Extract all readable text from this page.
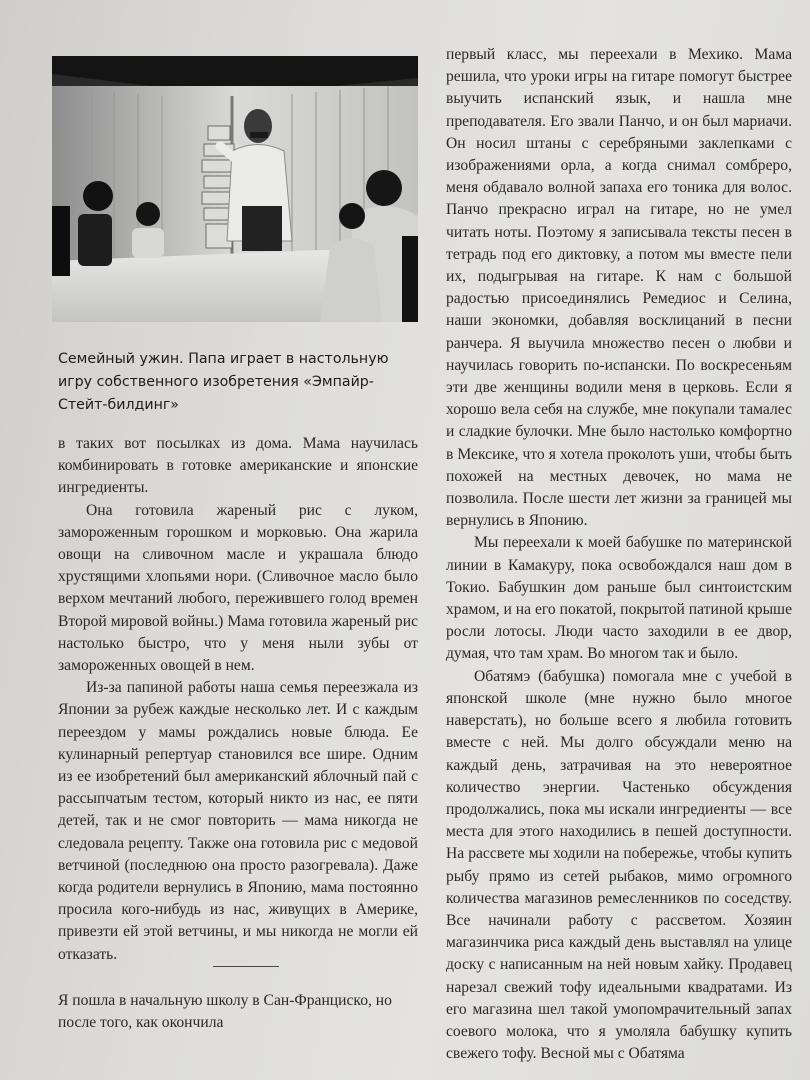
Семейный ужин. Папа играет в настольную игру собственного изобретения «Эмпайр-Стейт-билдинг»

в таких вот посылках из дома. Мама научилась комбинировать в готовке американские и японские ингредиенты.

Она готовила жареный рис с луком, замороженным горошком и морковью. Она жарила овощи на сливочном масле и украшала блюдо хрустящими хлопьями нори. (Сливочное масло было верхом мечтаний любого, пережившего голод времен Второй мировой войны.) Мама готовила жареный рис настолько быстро, что у меня ныли зубы от замороженных овощей в нем.

Из-за папиной работы наша семья переезжала из Японии за рубеж каждые несколько лет. И с каждым переездом у мамы рождались новые блюда. Ее кулинарный репертуар становился все шире. Одним из ее изобретений был американский яблочный пай с рассыпчатым тестом, который никто из нас, ее пяти детей, так и не смог повторить — мама никогда не следовала рецепту. Также она готовила рис с медовой ветчиной (последнюю она просто разогревала). Даже когда родители вернулись в Японию, мама постоянно просила кого-нибудь из нас, живущих в Америке, привезти ей этой ветчины, и мы никогда не могли ей отказать.

Я пошла в начальную школу в Сан-Франциско, но после того, как окончила

первый класс, мы переехали в Мехико. Мама решила, что уроки игры на гитаре помогут быстрее выучить испанский язык, и нашла мне преподавателя. Его звали Панчо, и он был мариачи. Он носил штаны с серебряными заклепками с изображениями орла, а когда снимал сомбреро, меня обдавало волной запаха его тоника для волос. Панчо прекрасно играл на гитаре, но не умел читать ноты. Поэтому я записывала тексты песен в тетрадь под его диктовку, а потом мы вместе пели их, подыгрывая на гитаре. К нам с большой радостью присоединялись Ремедиос и Селина, наши экономки, добавляя восклицаний в песни ранчера. Я выучила множество песен о любви и научилась говорить по-испански. По воскресеньям эти две женщины водили меня в церковь. Если я хорошо вела себя на службе, мне покупали тамалес и сладкие булочки. Мне было настолько комфортно в Мексике, что я хотела проколоть уши, чтобы быть похожей на местных девочек, но мама не позволила. После шести лет жизни за границей мы вернулись в Японию.

Мы переехали к моей бабушке по материнской линии в Камакуру, пока освобождался наш дом в Токио. Бабушкин дом раньше был синтоистским храмом, и на его покатой, покрытой патиной крыше росли лотосы. Люди часто заходили в ее двор, думая, что там храм. Во многом так и было.

Обатямэ (бабушка) помогала мне с учебой в японской школе (мне нужно было многое наверстать), но больше всего я любила готовить вместе с ней. Мы долго обсуждали меню на каждый день, затрачивая на это невероятное количество энергии. Частенько обсуждения продолжались, пока мы искали ингредиенты — все места для этого находились в пешей доступности. На рассвете мы ходили на побережье, чтобы купить рыбу прямо из сетей рыбаков, мимо огромного количества магазинов ремесленников по соседству. Все начинали работу с рассветом. Хозяин магазинчика риса каждый день выставлял на улице доску с написанным на ней новым хайку. Продавец нарезал свежий тофу идеальными квадратами. Из его магазина шел такой умопомрачительный запах соевого молока, что я умоляла бабушку купить свежего тофу. Весной мы с Обатяма
